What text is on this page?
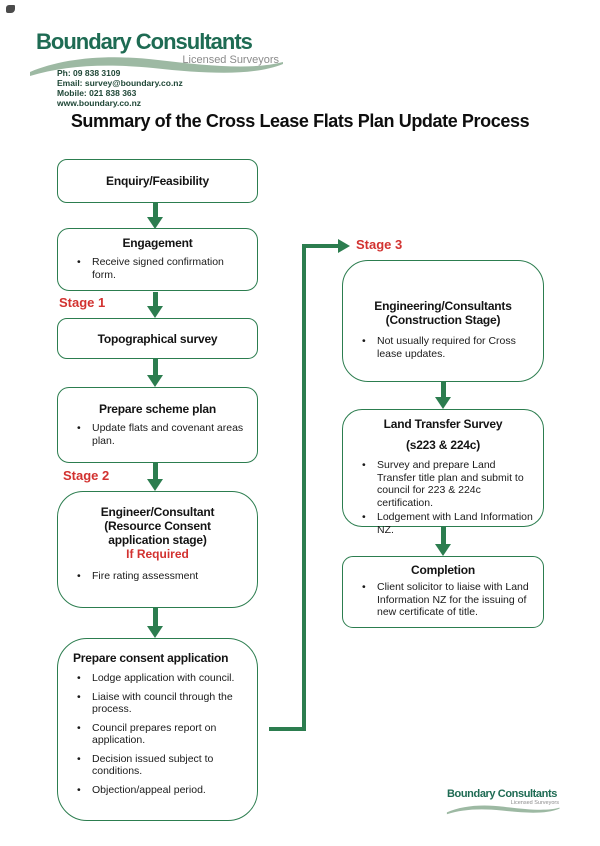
Boundary Consultants
Licensed Surveyors
Ph: 09 838 3109
Email: survey@boundary.co.nz
Mobile: 021 838 363
www.boundary.co.nz
Summary of the Cross Lease Flats Plan Update Process
Enquiry/Feasibility
Engagement
• Receive signed confirmation form.
Stage 1
Topographical survey
Prepare scheme plan
• Update flats and covenant areas plan.
Stage 2
Engineer/Consultant
(Resource Consent
application stage)
If Required
• Fire rating assessment
Prepare consent application
• Lodge application with council.
• Liaise with council through the process.
• Council prepares report on application.
• Decision issued subject to conditions.
• Objection/appeal period.
Stage 3
Engineering/Consultants
(Construction Stage)
• Not usually required for Cross lease updates.
Land Transfer Survey
(s223 & 224c)
• Survey and prepare Land Transfer title plan and submit to council for 223 & 224c certification.
• Lodgement with Land Information NZ.
Completion
• Client solicitor to liaise with Land Information NZ for the issuing of new certificate of title.
Boundary Consultants
Licensed Surveyors
